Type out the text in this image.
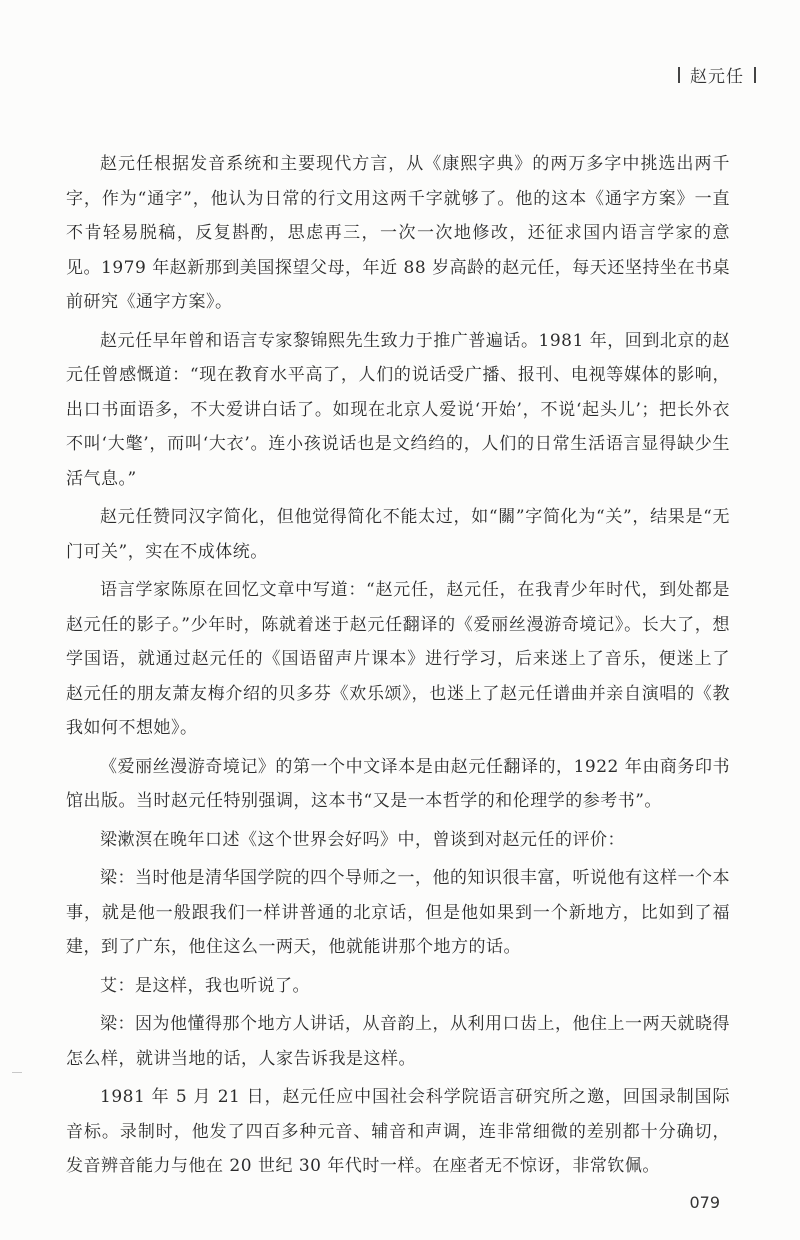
赵元任

赵元任根据发音系统和主要现代方言，从《康熙字典》的两万多字中挑选出两千字，作为“通字”，他认为日常的行文用这两千字就够了。他的这本《通字方案》一直不肯轻易脱稿，反复斟酌，思虑再三，一次一次地修改，还征求国内语言学家的意见。1979 年赵新那到美国探望父母，年近 88 岁高龄的赵元任，每天还坚持坐在书桌前研究《通字方案》。

赵元任早年曾和语言专家黎锦熙先生致力于推广普遍话。1981 年，回到北京的赵元任曾感慨道：“现在教育水平高了，人们的说话受广播、报刊、电视等媒体的影响，出口书面语多，不大爱讲白话了。如现在北京人爱说‘开始’，不说‘起头儿’；把长外衣不叫‘大氅’，而叫‘大衣’。连小孩说话也是文绉绉的，人们的日常生活语言显得缺少生活气息。”

赵元任赞同汉字简化，但他觉得简化不能太过，如“關”字简化为“关”，结果是“无门可关”，实在不成体统。

语言学家陈原在回忆文章中写道：“赵元任，赵元任，在我青少年时代，到处都是赵元任的影子。”少年时，陈就着迷于赵元任翻译的《爱丽丝漫游奇境记》。长大了，想学国语，就通过赵元任的《国语留声片课本》进行学习，后来迷上了音乐，便迷上了赵元任的朋友萧友梅介绍的贝多芬《欢乐颂》，也迷上了赵元任谱曲并亲自演唱的《教我如何不想她》。

《爱丽丝漫游奇境记》的第一个中文译本是由赵元任翻译的，1922 年由商务印书馆出版。当时赵元任特别强调，这本书“又是一本哲学的和伦理学的参考书”。

梁漱溟在晚年口述《这个世界会好吗》中，曾谈到对赵元任的评价：

梁：当时他是清华国学院的四个导师之一，他的知识很丰富，听说他有这样一个本事，就是他一般跟我们一样讲普通的北京话，但是他如果到一个新地方，比如到了福建，到了广东，他住这么一两天，他就能讲那个地方的话。

艾：是这样，我也听说了。

梁：因为他懂得那个地方人讲话，从音韵上，从利用口齿上，他住上一两天就晓得怎么样，就讲当地的话，人家告诉我是这样。

1981 年 5 月 21 日，赵元任应中国社会科学院语言研究所之邀，回国录制国际音标。录制时，他发了四百多种元音、辅音和声调，连非常细微的差别都十分确切，发音辨音能力与他在 20 世纪 30 年代时一样。在座者无不惊讶，非常钦佩。

079
